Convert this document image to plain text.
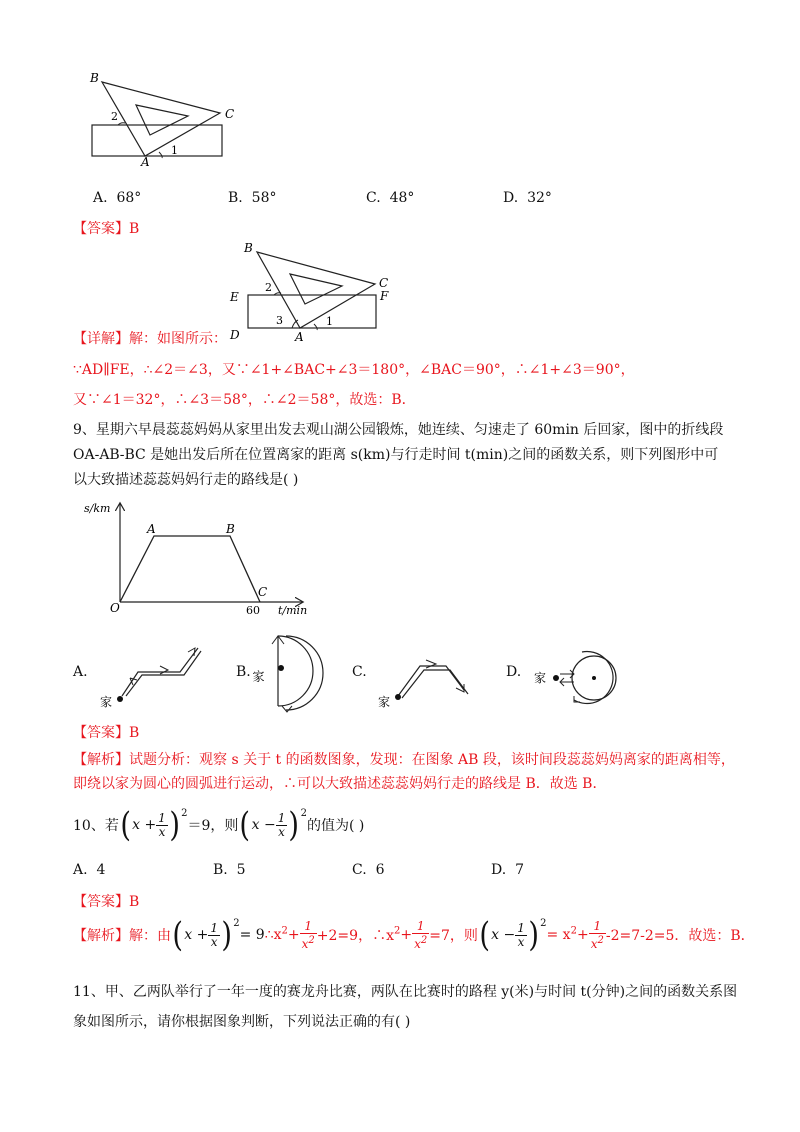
B
C
A
1
2
A. 68°	B. 58°	C. 48°	D. 32°
【答案】B
B
C
F
E
D	A
1
2
3
【详解】解：如图所示：
∵AD∥FE，∴∠2＝∠3，又∵∠1+∠BAC+∠3＝180°，∠BAC＝90°，∴∠1+∠3＝90°，
又∵∠1＝32°，∴∠3＝58°，∴∠2＝58°，故选：B．
9、星期六早晨蕊蕊妈妈从家里出发去观山湖公园锻炼，她连续、匀速走了 60min 后回家，图中的折线段
OA‐AB‐BC 是她出发后所在位置离家的距离 s(km)与行走时间 t(min)之间的函数关系，则下列图形中可
以大致描述蕊蕊妈妈行走的路线是( )
s/km
t/min
O
A	B
C
60
A.
家
B. 家	C.
家
D. 家
【答案】B
【解析】试题分析：观察 s 关于 t 的函数图象，发现：在图象 AB 段，该时间段蕊蕊妈妈离家的距离相等，
即绕以家为圆心的圆弧进行运动，∴可以大致描述蕊蕊妈妈行走的路线是 B．故选 B．
10、若$(x + \frac{1}{x} )^2=9$，则$(x - \frac{1}{x} )^2$的值为( )
A. 4	B. 5	C. 6	D. 7
【答案】B
【解析】解：由$(x + \frac{1}{x} )^2=$ $9\therefore x^2+ \frac{1}{x^2} +2=9$，$\therefore x^2+ \frac{1}{x^2} =7$，则$(x - \frac{1}{x} )^2= x^2+ \frac{1}{x^2} -2=7-2=5$．故选：B．
11、甲、乙两队举行了一年一度的赛龙舟比赛，两队在比赛时的路程 y(米)与时间 t(分钟)之间的函数关系图
象如图所示，请你根据图象判断，下列说法正确的有( )
